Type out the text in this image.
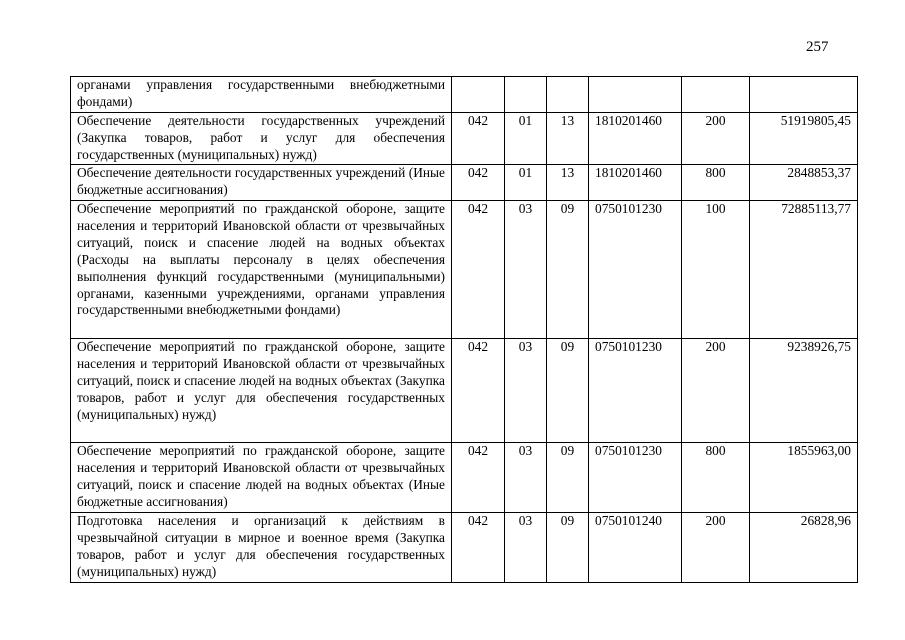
257
органами управления государственными внебюджетными фондами)						
Обеспечение деятельности государственных учреждений (Закупка товаров, работ и услуг для обеспечения государственных (муниципальных) нужд)	042	01	13	1810201460	200	51919805,45
Обеспечение деятельности государственных учреждений (Иные бюджетные ассигнования)	042	01	13	1810201460	800	2848853,37
Обеспечение мероприятий по гражданской обороне, защите населения и территорий Ивановской области от чрезвычайных ситуаций, поиск и спасение людей на водных объектах (Расходы на выплаты персоналу в целях обеспечения выполнения функций государственными (муниципальными) органами, казенными учреждениями, органами управления государственными внебюджетными фондами)	042	03	09	0750101230	100	72885113,77
Обеспечение мероприятий по гражданской обороне, защите населения и территорий Ивановской области от чрезвычайных ситуаций, поиск и спасение людей на водных объектах (Закупка товаров, работ и услуг для обеспечения государственных (муниципальных) нужд)	042	03	09	0750101230	200	9238926,75
Обеспечение мероприятий по гражданской обороне, защите населения и территорий Ивановской области от чрезвычайных ситуаций, поиск и спасение людей на водных объектах (Иные бюджетные ассигнования)	042	03	09	0750101230	800	1855963,00
Подготовка населения и организаций к действиям в чрезвычайной ситуации в мирное и военное время (Закупка товаров, работ и услуг для обеспечения государственных (муниципальных) нужд)	042	03	09	0750101240	200	26828,96
